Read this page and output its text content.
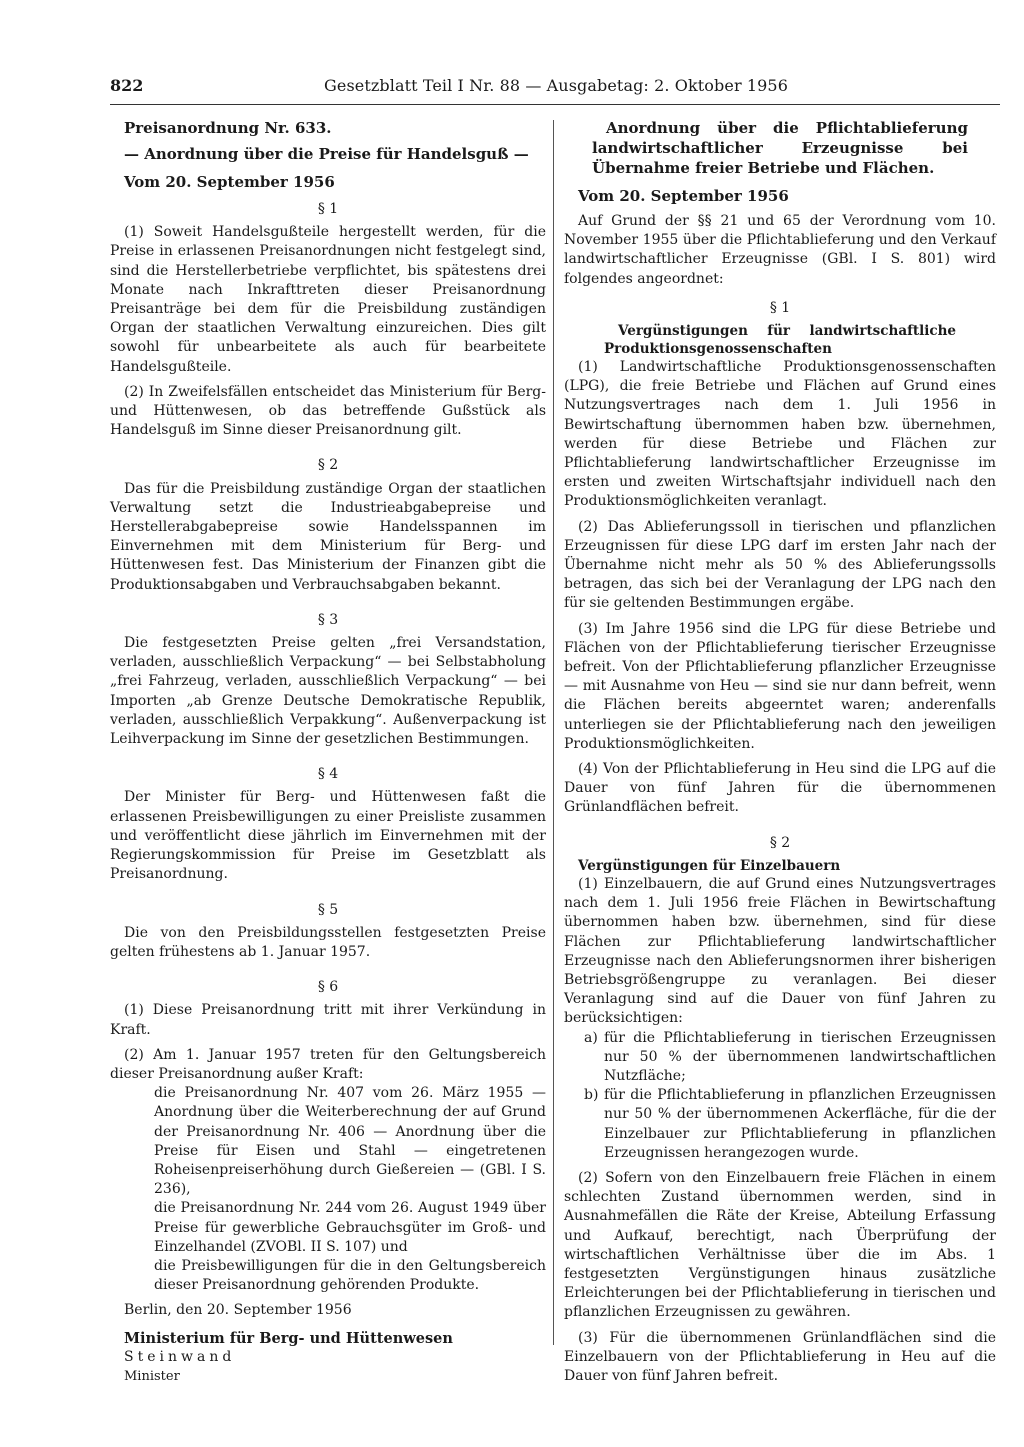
822	Gesetzblatt Teil I Nr. 88 — Ausgabetag: 2. Oktober 1956

Preisanordnung Nr. 633.

— Anordnung über die Preise für Handelsguß —

Vom 20. September 1956

§ 1

(1) Soweit Handelsgußteile hergestellt werden, für die Preise in erlassenen Preisanordnungen nicht festgelegt sind, sind die Herstellerbetriebe verpflichtet, bis spätestens drei Monate nach Inkrafttreten dieser Preisanordnung Preisanträge bei dem für die Preisbildung zuständigen Organ der staatlichen Verwaltung einzureichen. Dies gilt sowohl für unbearbeitete als auch für bearbeitete Handelsgußteile.

(2) In Zweifelsfällen entscheidet das Ministerium für Berg- und Hüttenwesen, ob das betreffende Gußstück als Handelsguß im Sinne dieser Preisanordnung gilt.

§ 2

Das für die Preisbildung zuständige Organ der staatlichen Verwaltung setzt die Industrieabgabepreise und Herstellerabgabepreise sowie Handelsspannen im Einvernehmen mit dem Ministerium für Berg- und Hüttenwesen fest. Das Ministerium der Finanzen gibt die Produktionsabgaben und Verbrauchsabgaben bekannt.

§ 3

Die festgesetzten Preise gelten „frei Versandstation, verladen, ausschließlich Verpackung“ — bei Selbstabholung „frei Fahrzeug, verladen, ausschließlich Verpackung“ — bei Importen „ab Grenze Deutsche Demokratische Republik, verladen, ausschließlich Verpakkung“. Außenverpackung ist Leihverpackung im Sinne der gesetzlichen Bestimmungen.

§ 4

Der Minister für Berg- und Hüttenwesen faßt die erlassenen Preisbewilligungen zu einer Preisliste zusammen und veröffentlicht diese jährlich im Einvernehmen mit der Regierungskommission für Preise im Gesetzblatt als Preisanordnung.

§ 5

Die von den Preisbildungsstellen festgesetzten Preise gelten frühestens ab 1. Januar 1957.

§ 6

(1) Diese Preisanordnung tritt mit ihrer Verkündung in Kraft.

(2) Am 1. Januar 1957 treten für den Geltungsbereich dieser Preisanordnung außer Kraft:

die Preisanordnung Nr. 407 vom 26. März 1955 — Anordnung über die Weiterberechnung der auf Grund der Preisanordnung Nr. 406 — Anordnung über die Preise für Eisen und Stahl — eingetretenen Roheisenpreiserhöhung durch Gießereien — (GBl. I S. 236),

die Preisanordnung Nr. 244 vom 26. August 1949 über Preise für gewerbliche Gebrauchsgüter im Groß- und Einzelhandel (ZVOBl. II S. 107) und

die Preisbewilligungen für die in den Geltungsbereich dieser Preisanordnung gehörenden Produkte.

Berlin, den 20. September 1956

Ministerium für Berg- und Hüttenwesen

Steinwand

Minister

Anordnung über die Pflichtablieferung landwirtschaftlicher Erzeugnisse bei Übernahme freier Betriebe und Flächen.

Vom 20. September 1956

Auf Grund der §§ 21 und 65 der Verordnung vom 10. November 1955 über die Pflichtablieferung und den Verkauf landwirtschaftlicher Erzeugnisse (GBl. I S. 801) wird folgendes angeordnet:

§ 1

Vergünstigungen für landwirtschaftliche Produktionsgenossenschaften

(1) Landwirtschaftliche Produktionsgenossenschaften (LPG), die freie Betriebe und Flächen auf Grund eines Nutzungsvertrages nach dem 1. Juli 1956 in Bewirtschaftung übernommen haben bzw. übernehmen, werden für diese Betriebe und Flächen zur Pflichtablieferung landwirtschaftlicher Erzeugnisse im ersten und zweiten Wirtschaftsjahr individuell nach den Produktionsmöglichkeiten veranlagt.

(2) Das Ablieferungssoll in tierischen und pflanzlichen Erzeugnissen für diese LPG darf im ersten Jahr nach der Übernahme nicht mehr als 50 % des Ablieferungssolls betragen, das sich bei der Veranlagung der LPG nach den für sie geltenden Bestimmungen ergäbe.

(3) Im Jahre 1956 sind die LPG für diese Betriebe und Flächen von der Pflichtablieferung tierischer Erzeugnisse befreit. Von der Pflichtablieferung pflanzlicher Erzeugnisse — mit Ausnahme von Heu — sind sie nur dann befreit, wenn die Flächen bereits abgeerntet waren; anderenfalls unterliegen sie der Pflichtablieferung nach den jeweiligen Produktionsmöglichkeiten.

(4) Von der Pflichtablieferung in Heu sind die LPG auf die Dauer von fünf Jahren für die übernommenen Grünlandflächen befreit.

§ 2

Vergünstigungen für Einzelbauern

(1) Einzelbauern, die auf Grund eines Nutzungsvertrages nach dem 1. Juli 1956 freie Flächen in Bewirtschaftung übernommen haben bzw. übernehmen, sind für diese Flächen zur Pflichtablieferung landwirtschaftlicher Erzeugnisse nach den Ablieferungsnormen ihrer bisherigen Betriebsgrößengruppe zu veranlagen. Bei dieser Veranlagung sind auf die Dauer von fünf Jahren zu berücksichtigen:

a) für die Pflichtablieferung in tierischen Erzeugnissen nur 50 % der übernommenen landwirtschaftlichen Nutzfläche;
b) für die Pflichtablieferung in pflanzlichen Erzeugnissen nur 50 % der übernommenen Ackerfläche, für die der Einzelbauer zur Pflichtablieferung in pflanzlichen Erzeugnissen herangezogen wurde.

(2) Sofern von den Einzelbauern freie Flächen in einem schlechten Zustand übernommen werden, sind in Ausnahmefällen die Räte der Kreise, Abteilung Erfassung und Aufkauf, berechtigt, nach Überprüfung der wirtschaftlichen Verhältnisse über die im Abs. 1 festgesetzten Vergünstigungen hinaus zusätzliche Erleichterungen bei der Pflichtablieferung in tierischen und pflanzlichen Erzeugnissen zu gewähren.

(3) Für die übernommenen Grünlandflächen sind die Einzelbauern von der Pflichtablieferung in Heu auf die Dauer von fünf Jahren befreit.
